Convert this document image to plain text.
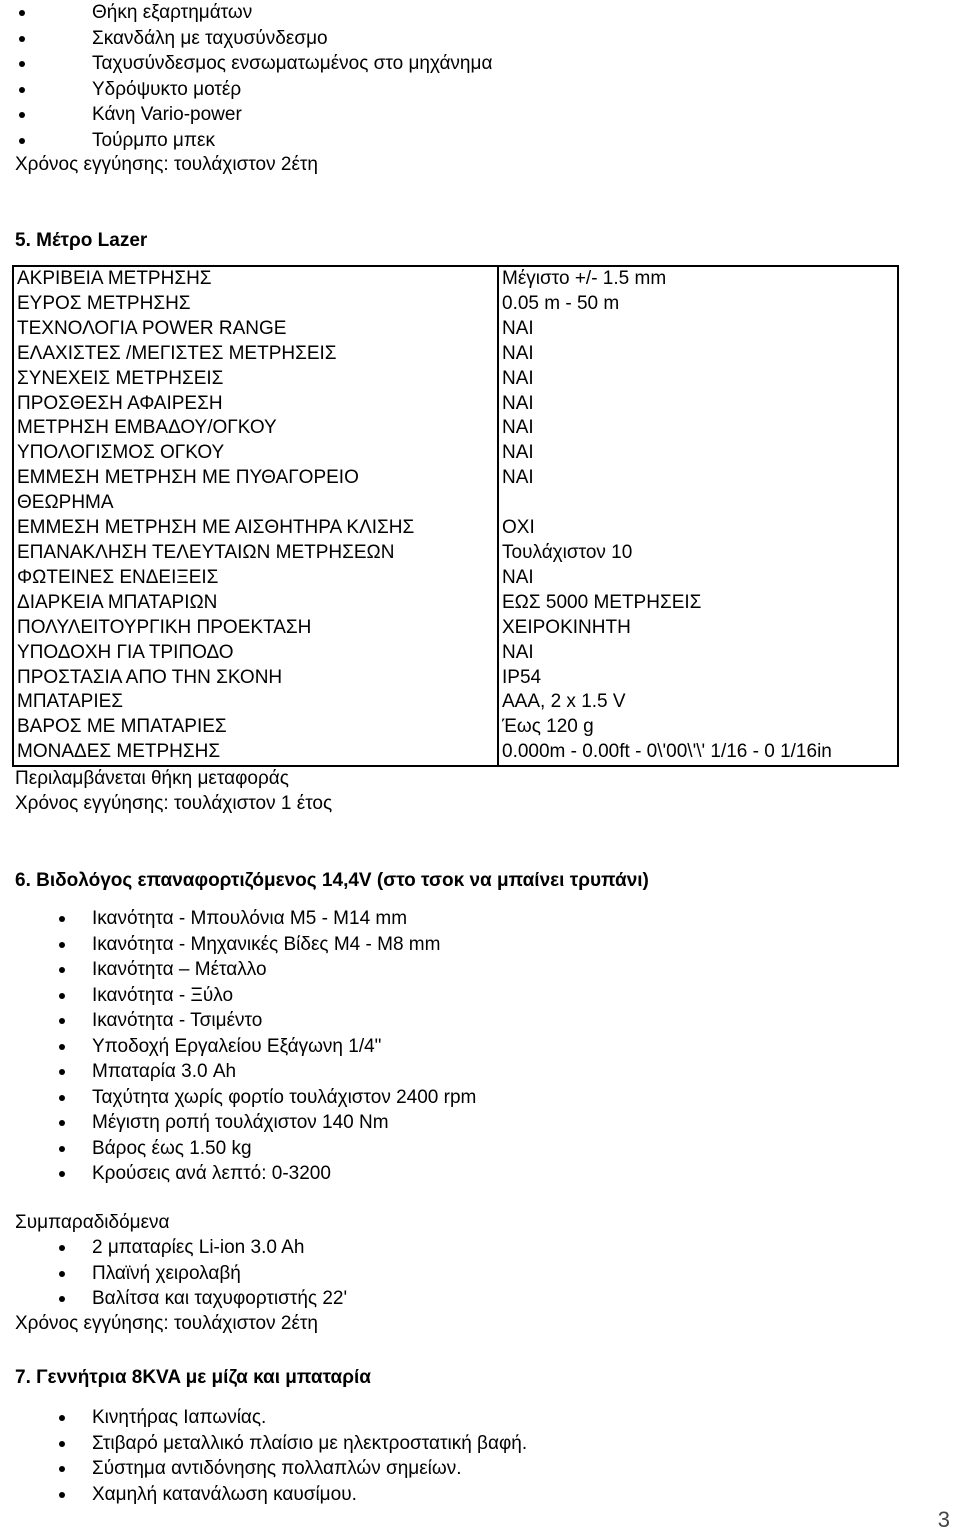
Θήκη εξαρτημάτων
Σκανδάλη με ταχυσύνδεσμο
Ταχυσύνδεσμος ενσωματωμένος στο μηχάνημα
Υδρόψυκτο μοτέρ
Κάνη Vario-power
Τούρμπο μπεκ
Χρόνος εγγύησης: τουλάχιστον 2έτη
5. Μέτρο Lazer
ΑΚΡΙΒΕΙΑ ΜΕΤΡΗΣΗΣ	Μέγιστο +/- 1.5 mm
ΕΥΡΟΣ ΜΕΤΡΗΣΗΣ	0.05 m - 50 m
ΤΕΧΝΟΛΟΓΙΑ POWER RANGE	ΝΑΙ
ΕΛΑΧΙΣΤΕΣ /ΜΕΓΙΣΤΕΣ ΜΕΤΡΗΣΕΙΣ	ΝΑΙ
ΣΥΝΕΧΕΙΣ ΜΕΤΡΗΣΕΙΣ	ΝΑΙ
ΠΡΟΣΘΕΣΗ ΑΦΑΙΡΕΣΗ	ΝΑΙ
ΜΕΤΡΗΣΗ ΕΜΒΑΔΟΥ/ΟΓΚΟΥ	ΝΑΙ
ΥΠΟΛΟΓΙΣΜΟΣ ΟΓΚΟΥ	ΝΑΙ

ΕΜΜΕΣΗ ΜΕΤΡΗΣΗ ΜΕ ΠΥΘΑΓΟΡΕΙΟ ΘΕΩΡΗΜΑ	ΝΑΙ
ΕΜΜΕΣΗ ΜΕΤΡΗΣΗ ΜΕ ΑΙΣΘΗΤΗΡΑ ΚΛΙΣΗΣ	ΟΧΙ
ΕΠΑΝΑΚΛΗΣΗ ΤΕΛΕΥΤΑΙΩΝ ΜΕΤΡΗΣΕΩΝ	Τουλάχιστον 10
ΦΩΤΕΙΝΕΣ ΕΝΔΕΙΞΕΙΣ	ΝΑΙ
ΔΙΑΡΚΕΙΑ ΜΠΑΤΑΡΙΩΝ	ΕΩΣ 5000 ΜΕΤΡΗΣΕΙΣ
ΠΟΛΥΛΕΙΤΟΥΡΓΙΚΗ ΠΡΟΕΚΤΑΣΗ	ΧΕΙΡΟΚΙΝΗΤΗ
ΥΠΟΔΟΧΗ ΓΙΑ ΤΡΙΠΟΔΟ	ΝΑΙ
ΠΡΟΣΤΑΣΙΑ ΑΠΟ ΤΗΝ ΣΚΟΝΗ	IP54
ΜΠΑΤΑΡΙΕΣ	AAA, 2 x 1.5 V
ΒΑΡΟΣ ΜΕ ΜΠΑΤΑΡΙΕΣ	Έως 120 g
ΜΟΝΑΔΕΣ ΜΕΤΡΗΣΗΣ	0.000m - 0.00ft - 0\'00\'\' 1/16 - 0 1/16in
Περιλαμβάνεται θήκη μεταφοράς
Χρόνος εγγύησης: τουλάχιστον 1 έτος
6. Βιδολόγος επαναφορτιζόμενος 14,4V (στο τσοκ να μπαίνει τρυπάνι)
Ικανότητα - Μπουλόνια Μ5 - Μ14 mm
Ικανότητα - Μηχανικές Βίδες Μ4 - Μ8 mm
Ικανότητα – Μέταλλο
Ικανότητα - Ξύλο
Ικανότητα - Τσιμέντο
Υποδοχή Εργαλείου Εξάγωνη 1/4"
Μπαταρία 3.0 Ah
Ταχύτητα χωρίς φορτίο τουλάχιστον 2400 rpm
Μέγιστη ροπή τουλάχιστον 140 Nm
Βάρος έως 1.50 kg
Κρούσεις ανά λεπτό: 0-3200
Συμπαραδιδόμενα
2 μπαταρίες Li-ion 3.0 Ah
Πλαϊνή χειρολαβή
Βαλίτσα και ταχυφορτιστής 22'
Χρόνος εγγύησης: τουλάχιστον 2έτη
7. Γεννήτρια 8KVA με μίζα και μπαταρία
Κινητήρας Ιαπωνίας.
Στιβαρό μεταλλικό πλαίσιο με ηλεκτροστατική βαφή.
Σύστημα αντιδόνησης πολλαπλών σημείων.
Χαμηλή κατανάλωση καυσίμου.
3
